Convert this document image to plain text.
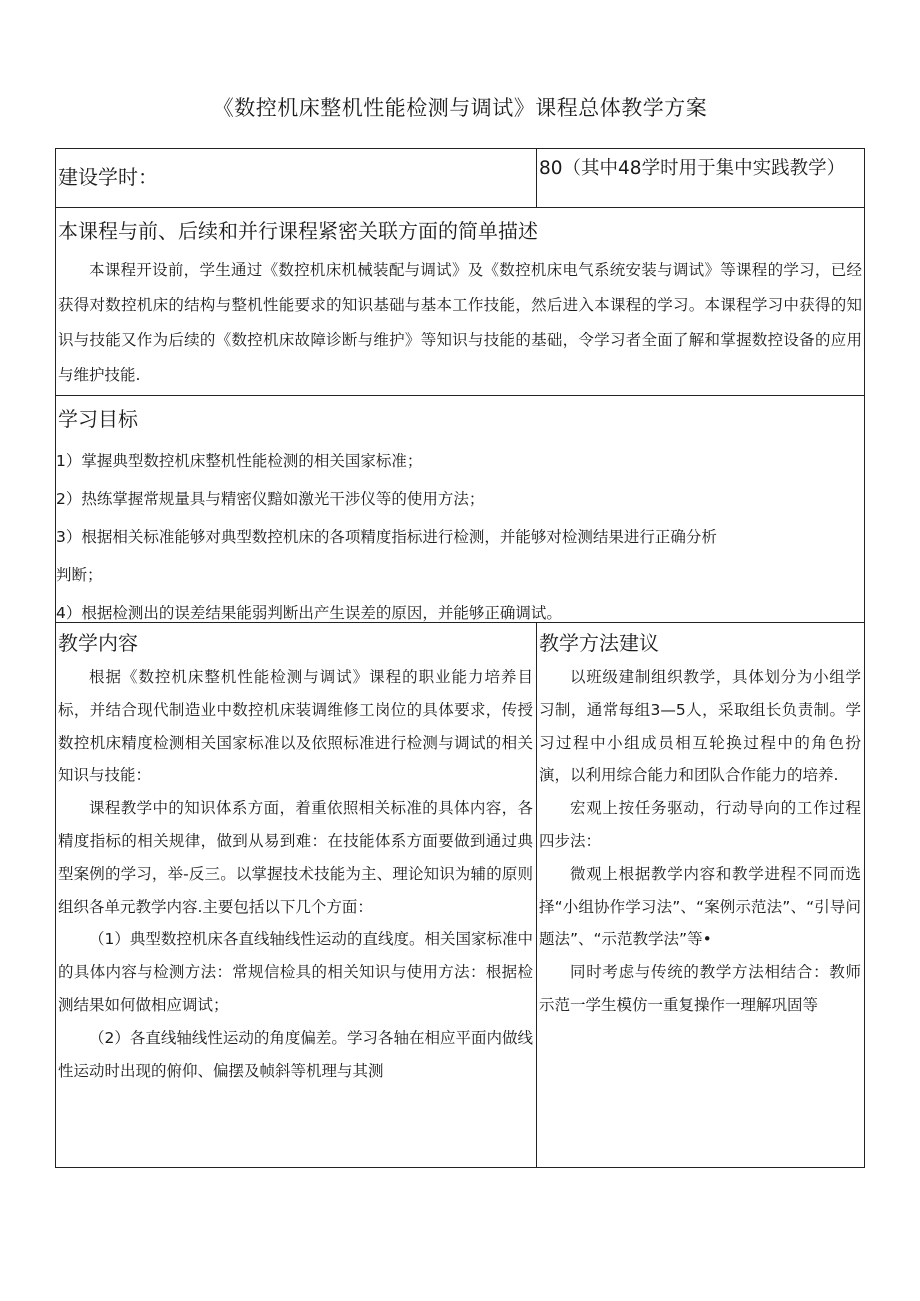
《数控机床整机性能检测与调试》课程总体教学方案
建设学时：	80（其中48学时用于集中实践教学）
本课程与前、后续和并行课程紧密关联方面的简单描述

本课程开设前，学生通过《数控机床机械装配与调试》及《数控机床电气系统安装与调试》等课程的学习，已经获得对数控机床的结构与整机性能要求的知识基础与基本工作技能，然后进入本课程的学习。本课程学习中获得的知识与技能又作为后续的《数控机床故障诊断与维护》等知识与技能的基础，令学习者全面了解和掌握数控设备的应用与维护技能.

学习目标
1）掌握典型数控机床整机性能检测的相关国家标准；
2）热练掌握常规量具与精密仪黯如激光干涉仪等的使用方法；
3）根据相关标准能够对典型数控机床的各项精度指标进行检测，并能够对检测结果进行正确分析
判断；
4）根据检测出的误差结果能弱判断出产生误差的原因，并能够正确调试。
教学内容

根据《数控机床整机性能检测与调试》课程的职业能力培养目标，并结合现代制造业中数控机床装调维修工岗位的具体要求，传授数控机床精度检测相关国家标准以及依照标准进行检测与调试的相关知识与技能：

课程教学中的知识体系方面，着重依照相关标准的具体内容，各精度指标的相关规律，做到从易到难：在技能体系方面要做到通过典型案例的学习，举-反三。以掌握技术技能为主、理论知识为辅的原则组织各单元教学内容.主要包括以下几个方面：

（1）典型数控机床各直线轴线性运动的直线度。相关国家标准中的具体内容与检测方法：常规信检具的相关知识与使用方法：根据检测结果如何做相应调试；

（2）各直线轴线性运动的角度偏差。学习各轴在相应平面内做线性运动时出现的俯仰、偏摆及帧斜等机理与其测

教学方法建议

以班级建制组织教学，具体划分为小组学习制，通常每组3—5人，采取组长负责制。学习过程中小组成员相互轮换过程中的角色扮演，以利用综合能力和团队合作能力的培养.

宏观上按任务驱动，行动导向的工作过程四步法：

微观上根据教学内容和教学进程不同而选择“小组协作学习法”、“案例示范法”、“引导问题法”、“示范教学法”等•

同时考虑与传统的教学方法相结合：教师示范一学生模仿一重复操作一理解巩固等
